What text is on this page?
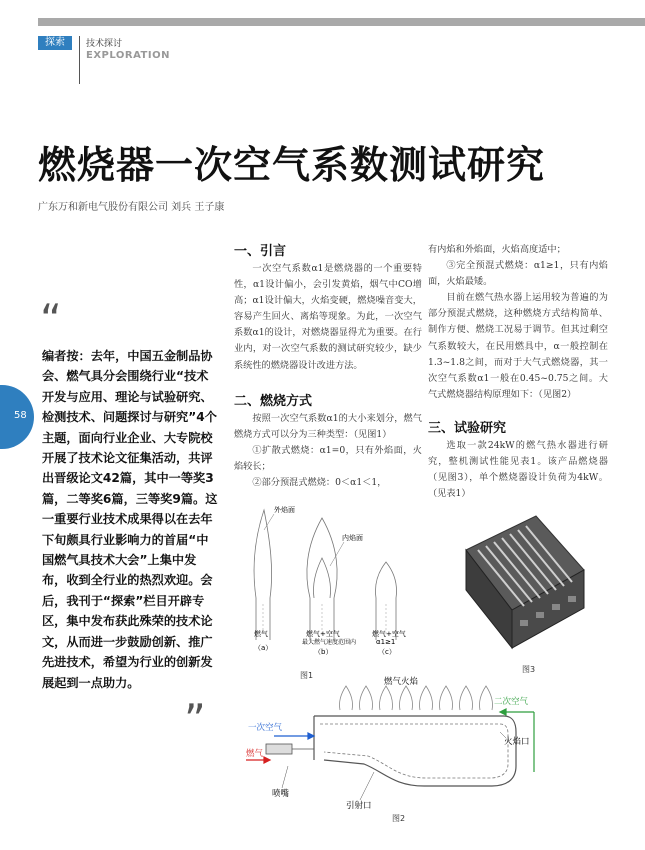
探索	技术探讨
EXPLORATION
燃烧器一次空气系数测试研究
广东万和新电气股份有限公司 刘兵 王子康
58
“
编者按：去年，中国五金制品协会、燃气具分会围绕行业“技术开发与应用、理论与试验研究、检测技术、问题探讨与研究”4个主题，面向行业企业、大专院校开展了技术论文征集活动，共评出晋级论文42篇，其中一等奖3篇，二等奖6篇，三等奖9篇。这一重要行业技术成果得以在去年下旬颇具行业影响力的首届“中国燃气具技术大会”上集中发布，收到全行业的热烈欢迎。会后，我刊于“探索”栏目开辟专区，集中发布获此殊荣的技术论文，从而进一步鼓励创新、推广先进技术，希望为行业的创新发展起到一点助力。
”
一、引言

一次空气系数α1是燃烧器的一个重要特性，α1设计偏小，会引发黄焰，烟气中CO增高；α1设计偏大，火焰变硬，燃烧噪音变大，容易产生回火、离焰等现象。为此，一次空气系数α1的设计，对燃烧器显得尤为重要。在行业内，对一次空气系数的测试研究较少，缺少系统性的燃烧器设计改进方法。

二、燃烧方式

按照一次空气系数α1的大小来划分，燃气燃烧方式可以分为三种类型：（见图1）

①扩散式燃烧：α1=0，只有外焰面，火焰较长；

②部分预混式燃烧：0＜α1＜1，

有内焰和外焰面，火焰高度适中；

③完全预混式燃烧：α1≥1，只有内焰面，火焰最矮。

目前在燃气热水器上运用较为普遍的为部分预混式燃烧，这种燃烧方式结构简单、制作方便、燃烧工况易于调节。但其过剩空气系数较大，在民用燃具中，α一般控制在1.3~1.8之间，而对于大气式燃烧器，其一次空气系数α1一般在0.45~0.75之间。大气式燃烧器结构原理如下：（见图2）

三、试验研究

选取一款24kW的燃气热水器进行研究，整机测试性能见表1。该产品燃烧器（见图3），单个燃烧器设计负荷为4kW。（见表1）

外焰面
内焰面
燃气
（a）
燃气+空气
最大燃气速度范围内
（b）
燃气+空气
α1≥1
（c）
图1
图3
燃气火焰
二次空气
火焰口
一次空气
燃气
喷嘴
引射口
图2
